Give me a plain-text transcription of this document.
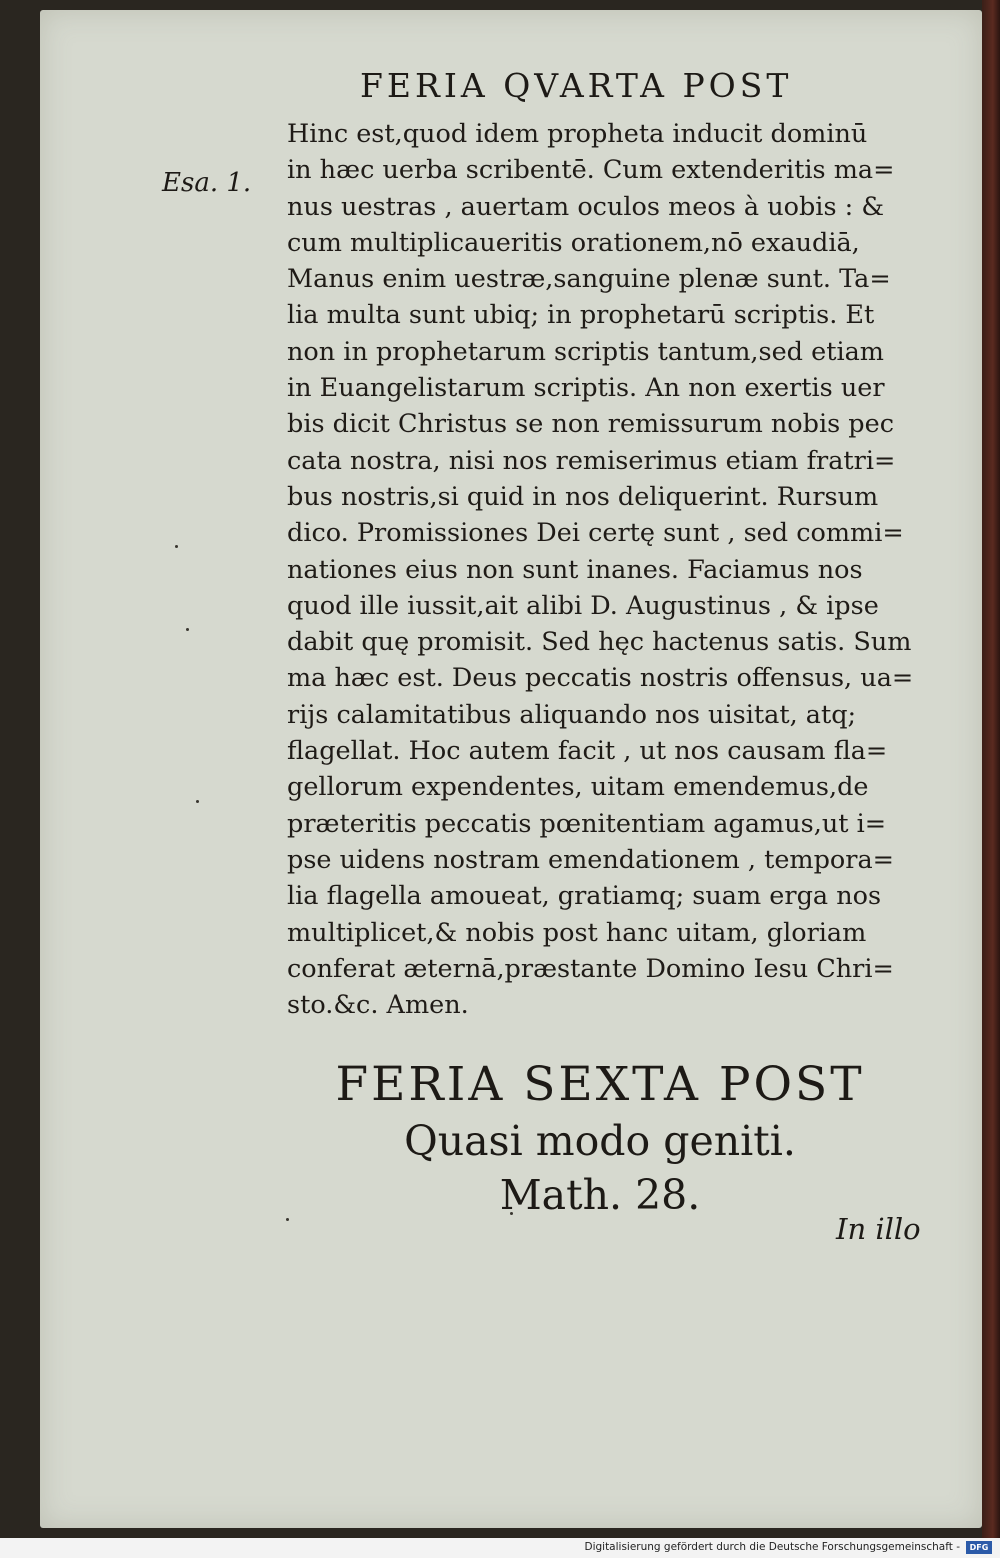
FERIA QVARTA POST
Esa. 1.
Hinc est,quod idem propheta inducit dominū
in hæc uerba scribentē. Cum extenderitis ma=
nus uestras , auertam oculos meos à uobis : &
cum multiplicaueritis orationem,nō exaudiā,
Manus enim uestræ,sanguine plenæ sunt. Ta=
lia multa sunt ubiq; in prophetarū scriptis. Et
non in prophetarum scriptis tantum,sed etiam
in Euangelistarum scriptis. An non exertis uer
bis dicit Christus se non remissurum nobis pec
cata nostra, nisi nos remiserimus etiam fratri=
bus nostris,si quid in nos deliquerint. Rursum
dico. Promissiones Dei certę sunt , sed commi=
nationes eius non sunt inanes. Faciamus nos
quod ille iussit,ait alibi D. Augustinus , & ipse
dabit quę promisit. Sed hęc hactenus satis. Sum
ma hæc est. Deus peccatis nostris offensus, ua=
rijs calamitatibus aliquando nos uisitat, atq;
flagellat. Hoc autem facit , ut nos causam fla=
gellorum expendentes, uitam emendemus,de
præteritis peccatis pœnitentiam agamus,ut i=
pse uidens nostram emendationem , tempora=
lia flagella amoueat, gratiamq; suam erga nos
multiplicet,& nobis post hanc uitam, gloriam
conferat æternā,præstante Domino Iesu Chri=
sto.&c. Amen.
FERIA SEXTA POST
Quasi modo geniti.
Math. 28.
In illo
Digitalisierung gefördert durch die Deutsche Forschungsgemeinschaft -	DFG
